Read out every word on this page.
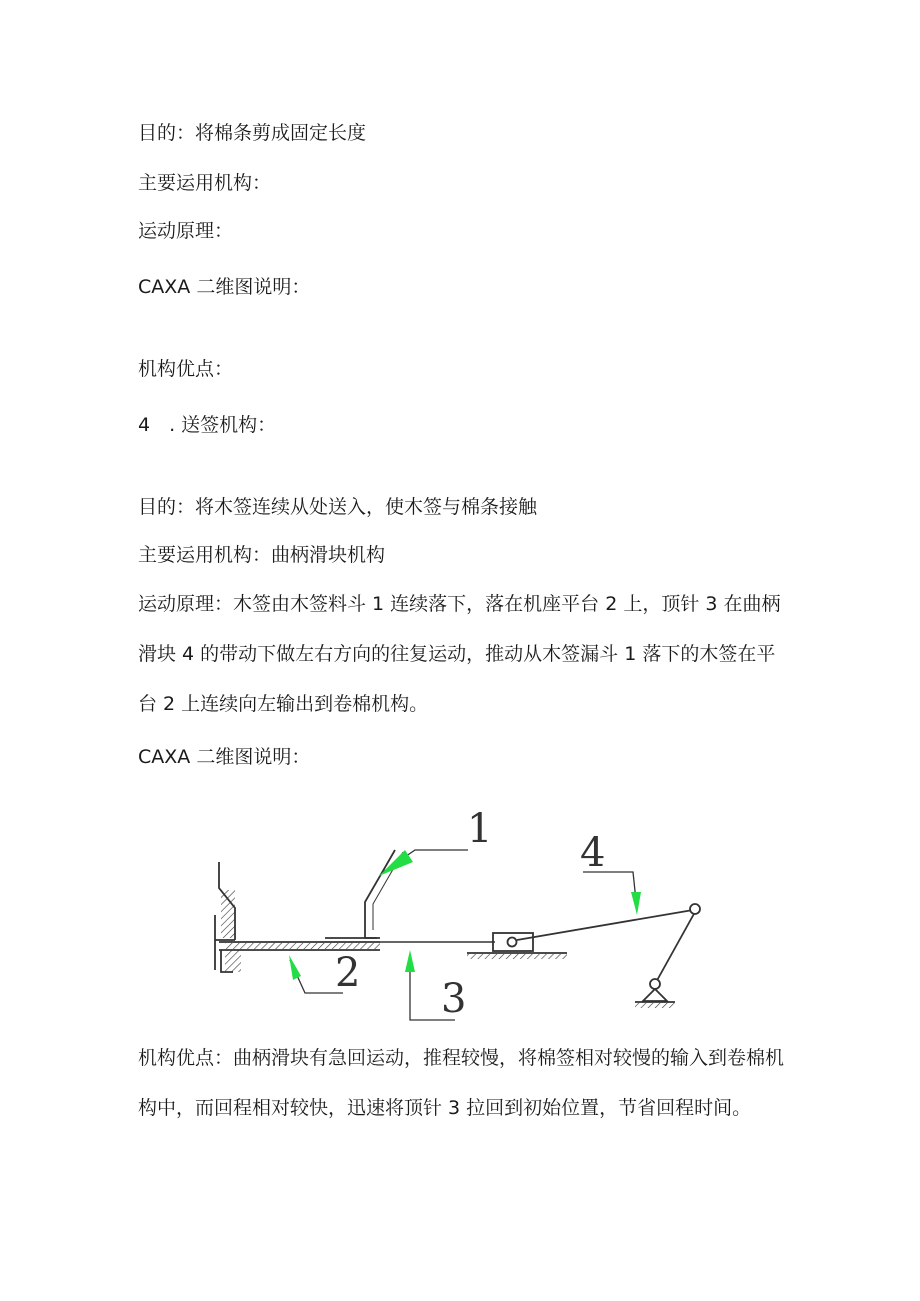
目的：将棉条剪成固定长度
主要运用机构：
运动原理：
CAXA 二维图说明：
机构优点：
4　. 送签机构：
目的：将木签连续从处送入，使木签与棉条接触
主要运用机构：曲柄滑块机构
运动原理：木签由木签料斗 1 连续落下，落在机座平台 2 上，顶针 3 在曲柄滑块 4 的带动下做左右方向的往复运动，推动从木签漏斗 1 落下的木签在平台 2 上连续向左输出到卷棉机构。
CAXA 二维图说明：
1
2
3
4
机构优点：曲柄滑块有急回运动，推程较慢，将棉签相对较慢的输入到卷棉机构中，而回程相对较快，迅速将顶针 3 拉回到初始位置，节省回程时间。
